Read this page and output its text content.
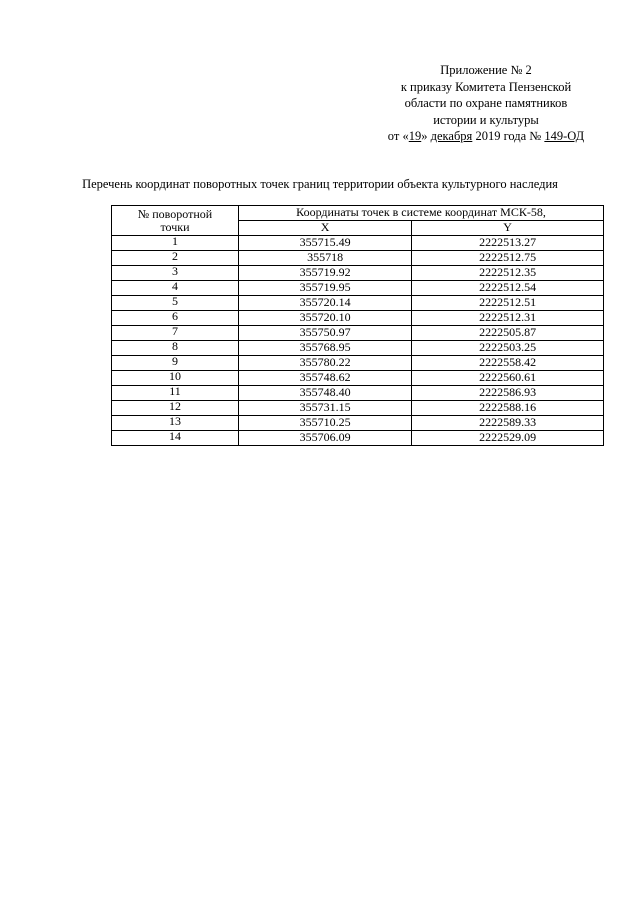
Приложение № 2
к приказу Комитета Пензенской
области по охране памятников
истории и культуры
от «19» декабря 2019 года № 149-ОД
Перечень координат поворотных точек границ территории объекта культурного наследия
№ поворотной
точки	Координаты точек в системе координат МСК-58,	
	X	Y
1	355715.49	2222513.27
2	355718	2222512.75
3	355719.92	2222512.35
4	355719.95	2222512.54
5	355720.14	2222512.51
6	355720.10	2222512.31
7	355750.97	2222505.87
8	355768.95	2222503.25
9	355780.22	2222558.42
10	355748.62	2222560.61
11	355748.40	2222586.93
12	355731.15	2222588.16
13	355710.25	2222589.33
14	355706.09	2222529.09
